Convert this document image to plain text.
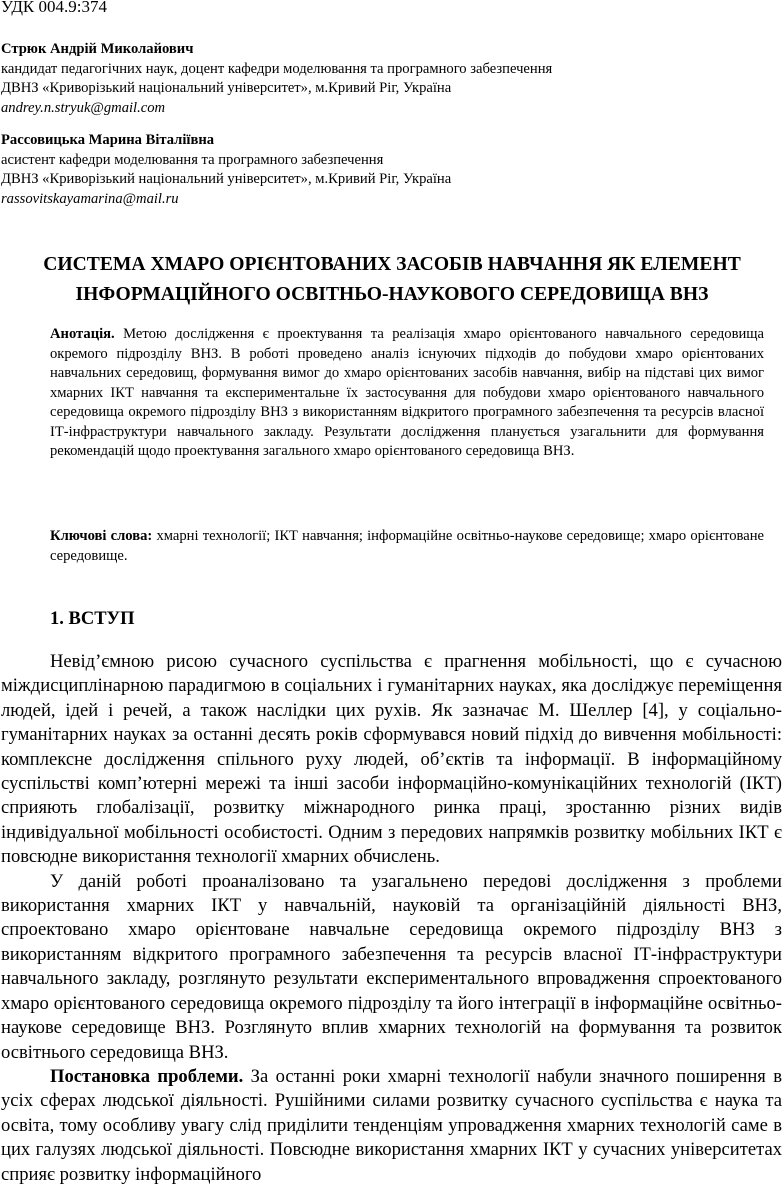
УДК 004.9:374
Стрюк Андрій Миколайович
кандидат педагогічних наук, доцент кафедри моделювання та програмного забезпечення
ДВНЗ «Криворізький національний університет», м.Кривий Ріг, Україна
andrey.n.stryuk@gmail.com
Рассовицька Марина Віталіївна
асистент кафедри моделювання та програмного забезпечення
ДВНЗ «Криворізький національний університет», м.Кривий Ріг, Україна
rassovitskayamarina@mail.ru
СИСТЕМА ХМАРО ОРІЄНТОВАНИХ ЗАСОБІВ НАВЧАННЯ ЯК ЕЛЕМЕНТ
ІНФОРМАЦІЙНОГО ОСВІТНЬО-НАУКОВОГО СЕРЕДОВИЩА ВНЗ
Анотація. Метою дослідження є проектування та реалізація хмаро орієнтованого навчального середовища окремого підрозділу ВНЗ. В роботі проведено аналіз існуючих підходів до побудови хмаро орієнтованих навчальних середовищ, формування вимог до хмаро орієнтованих засобів навчання, вибір на підставі цих вимог хмарних ІКТ навчання та експериментальне їх застосування для побудови хмаро орієнтованого навчального середовища окремого підрозділу ВНЗ з використанням відкритого програмного забезпечення та ресурсів власної ІТ-інфраструктури навчального закладу. Результати дослідження планується узагальнити для формування рекомендацій щодо проектування загального хмаро орієнтованого середовища ВНЗ.
Ключові слова: хмарні технології; ІКТ навчання; інформаційне освітньо-наукове середовище; хмаро орієнтоване середовище.
1. ВСТУП

Невід’ємною рисою сучасного суспільства є прагнення мобільності, що є сучасною міждисциплінарною парадигмою в соціальних і гуманітарних науках, яка досліджує переміщення людей, ідей і речей, а також наслідки цих рухів. Як зазначає М. Шеллер [4], у соціально-гуманітарних науках за останні десять років сформувався новий підхід до вивчення мобільності: комплексне дослідження спільного руху людей, об’єктів та інформації. В інформаційному суспільстві комп’ютерні мережі та інші засоби інформаційно-комунікаційних технологій (ІКТ) сприяють глобалізації, розвитку міжнародного ринка праці, зростанню різних видів індивідуальної мобільності особистості. Одним з передових напрямків розвитку мобільних ІКТ є повсюдне використання технології хмарних обчислень.

У даній роботі проаналізовано та узагальнено передові дослідження з проблеми використання хмарних ІКТ у навчальній, науковій та організаційній діяльності ВНЗ, спроектовано хмаро орієнтоване навчальне середовища окремого підрозділу ВНЗ з використанням відкритого програмного забезпечення та ресурсів власної ІТ-інфраструктури навчального закладу, розглянуто результати експериментального впровадження спроектованого хмаро орієнтованого середовища окремого підрозділу та його інтеграції в інформаційне освітньо-наукове середовище ВНЗ. Розглянуто вплив хмарних технологій на формування та розвиток освітнього середовища ВНЗ.

Постановка проблеми. За останні роки хмарні технології набули значного поширення в усіх сферах людської діяльності. Рушійними силами розвитку сучасного суспільства є наука та освіта, тому особливу увагу слід приділити тенденціям упровадження хмарних технологій саме в цих галузях людської діяльності. Повсюдне використання хмарних ІКТ у сучасних університетах сприяє розвитку інформаційного
